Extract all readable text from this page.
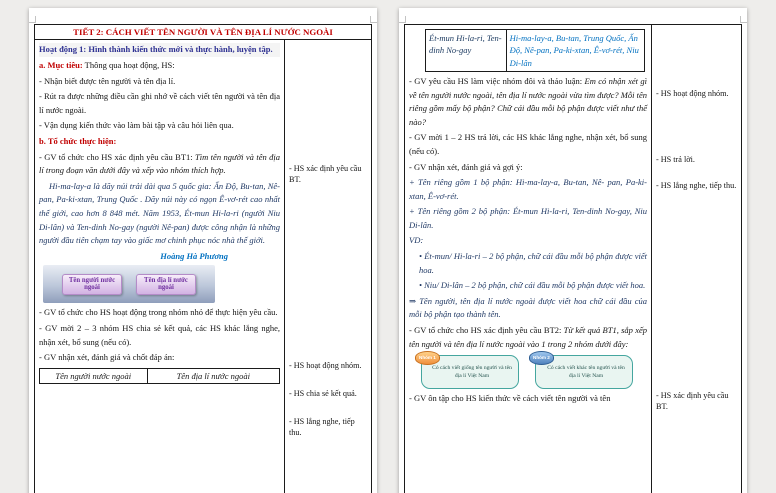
TIẾT 2: CÁCH VIẾT TÊN NGƯỜI VÀ TÊN ĐỊA LÍ NƯỚC NGOÀI

Hoạt động 1: Hình thành kiến thức mới và thực hành, luyện tập.

a. Mục tiêu: Thông qua hoạt động, HS:

- Nhận biết được tên người và tên địa lí.

- Rút ra được những điều cần ghi nhớ về cách viết tên người và tên địa lí nước ngoài.

- Vận dụng kiến thức vào làm bài tập và câu hỏi liên qua.

b. Tổ chức thực hiện:

- GV tổ chức cho HS xác định yêu cầu BT1: Tìm tên người và tên địa lí trong đoạn văn dưới đây và xếp vào nhóm thích hợp.

Hi-ma-lay-a là dãy núi trải dài qua 5 quốc gia: Ấn Độ, Bu-tan, Nê-pan, Pa-ki-xtan, Trung Quốc . Dãy núi này có ngọn Ê-vơ-rét cao nhất thế giới, cao hơn 8 848 mét. Năm 1953, Ét-mun Hi-la-ri (người Niu Di-lân) và Ten-dinh No-gay (người Nê-pan) được công nhận là những người đầu tiên chạm tay vào giấc mơ chinh phục nóc nhà thế giới.

Hoàng Hà Phương

Tên người nước ngoài
Tên địa lí nước ngoài

- GV tổ chức cho HS hoạt động trong nhóm nhỏ để thực hiện yêu cầu.

- GV mời 2 – 3 nhóm HS chia sẻ kết quả, các HS khác lắng nghe, nhận xét, bổ sung (nếu có).

- GV nhận xét, đánh giá và chốt đáp án:

Tên người nước ngoài	Tên địa lí nước ngoài

- HS xác định yêu cầu BT.

- HS hoạt động nhóm.

- HS chia sẻ kết quả.

- HS lắng nghe, tiếp thu.

Ét-mun Hi-la-ri, Ten-dinh No-gay
Hi-ma-lay-a, Bu-tan, Trung Quốc, Ấn Độ, Nê-pan, Pa-ki-xtan, Ê-vơ-rét, Niu Di-lân

- GV yêu cầu HS làm việc nhóm đôi và thảo luận: Em có nhận xét gì về tên người nước ngoài, tên địa lí nước ngoài vừa tìm được? Mỗi tên riêng gồm mấy bộ phận? Chữ cái đầu mỗi bộ phận được viết như thế nào?

- GV mời 1 – 2 HS trả lời, các HS khác lắng nghe, nhận xét, bổ sung (nếu có).

- GV nhận xét, đánh giá và gợi ý:

+ Tên riêng gồm 1 bộ phận: Hi-ma-lay-a, Bu-tan, Nê- pan, Pa-ki-xtan, Ê-vơ-rét.

+ Tên riêng gồm 2 bộ phận: Ét-mun Hi-la-ri, Ten-dinh No-gay, Niu Di-lân.

VD:

• Ét-mun/ Hi-la-ri – 2 bộ phận, chữ cái đầu mỗi bộ phận được viết hoa.

• Niu/ Di-lân – 2 bộ phận, chữ cái đầu mỗi bộ phận được viết hoa.

⇒ Tên người, tên địa lí nước ngoài được viết hoa chữ cái đầu của mỗi bộ phận tạo thành tên.

- GV tổ chức cho HS xác định yêu cầu BT2: Từ kết quả BT1, sắp xếp tên người và tên địa lí nước ngoài vào 1 trong 2 nhóm dưới đây:

Nhóm 1
Có cách viết giống tên người và tên địa lí Việt Nam
Nhóm 2
Có cách viết khác tên người và tên địa lí Việt Nam

- GV ôn tập cho HS kiến thức về cách viết tên người và tên

- HS hoạt động nhóm.

- HS trả lời.

- HS lắng nghe, tiếp thu.

- HS xác định yêu cầu BT.
